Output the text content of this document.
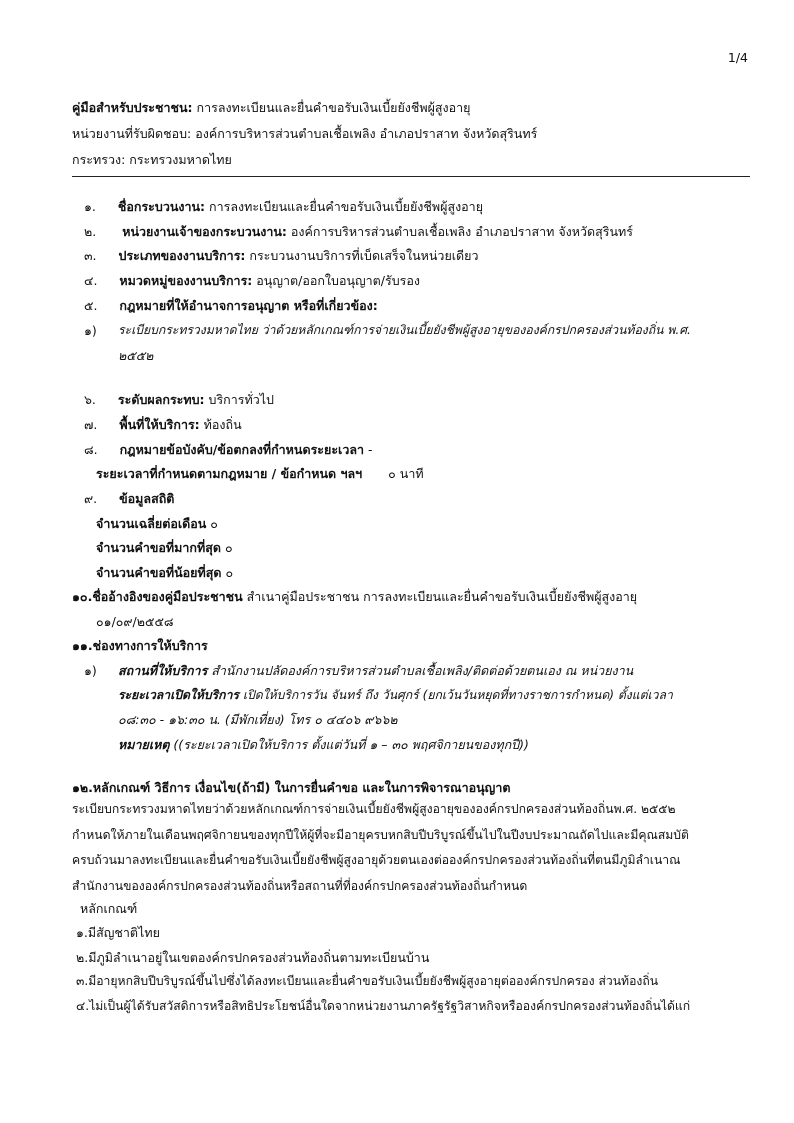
1/4
คู่มือสำหรับประชาชน: การลงทะเบียนและยื่นคำขอรับเงินเบี้ยยังชีพผู้สูงอายุ
หน่วยงานที่รับผิดชอบ: องค์การบริหารส่วนตำบลเชื้อเพลิง อำเภอปราสาท จังหวัดสุรินทร์
กระทรวง: กระทรวงมหาดไทย
๑. ชื่อกระบวนงาน: การลงทะเบียนและยื่นคำขอรับเงินเบี้ยยังชีพผู้สูงอายุ
๒. หน่วยงานเจ้าของกระบวนงาน: องค์การบริหารส่วนตำบลเชื้อเพลิง อำเภอปราสาท จังหวัดสุรินทร์
๓. ประเภทของงานบริการ: กระบวนงานบริการที่เบ็ดเสร็จในหน่วยเดียว
๔. หมวดหมู่ของงานบริการ: อนุญาต/ออกใบอนุญาต/รับรอง
๕. กฎหมายที่ให้อำนาจการอนุญาต หรือที่เกี่ยวข้อง:
๑) ระเบียบกระทรวงมหาดไทย ว่าด้วยหลักเกณฑ์การจ่ายเงินเบี้ยยังชีพผู้สูงอายุขององค์กรปกครองส่วนท้องถิ่น พ.ศ.
๒๕๕๒
๖. ระดับผลกระทบ: บริการทั่วไป
๗. พื้นที่ให้บริการ: ท้องถิ่น
๘. กฎหมายข้อบังคับ/ข้อตกลงที่กำหนดระยะเวลา -
ระยะเวลาที่กำหนดตามกฎหมาย / ข้อกำหนด ฯลฯ ๐ นาที
๙. ข้อมูลสถิติ
จำนวนเฉลี่ยต่อเดือน ๐
จำนวนคำขอที่มากที่สุด ๐
จำนวนคำขอที่น้อยที่สุด ๐
๑๐.ชื่ออ้างอิงของคู่มือประชาชน สำเนาคู่มือประชาชน การลงทะเบียนและยื่นคำขอรับเงินเบี้ยยังชีพผู้สูงอายุ
๐๑/๐๙/๒๕๕๘
๑๑.ช่องทางการให้บริการ
๑) สถานที่ให้บริการ สำนักงานปลัดองค์การบริหารส่วนตำบลเชื้อเพลิง/ติดต่อด้วยตนเอง ณ หน่วยงาน
ระยะเวลาเปิดให้บริการ เปิดให้บริการวัน จันทร์ ถึง วันศุกร์ (ยกเว้นวันหยุดที่ทางราชการกำหนด) ตั้งแต่เวลา
๐๘:๓๐ - ๑๖:๓๐ น. (มีพักเที่ยง) โทร ๐ ๔๔๐๖ ๙๖๖๒
หมายเหตุ ((ระยะเวลาเปิดให้บริการ ตั้งแต่วันที่ ๑ – ๓๐ พฤศจิกายนของทุกปี))
๑๒.หลักเกณฑ์ วิธีการ เงื่อนไข(ถ้ามี) ในการยื่นคำขอ และในการพิจารณาอนุญาต
ระเบียบกระทรวงมหาดไทยว่าด้วยหลักเกณฑ์การจ่ายเงินเบี้ยยังชีพผู้สูงอายุขององค์กรปกครองส่วนท้องถิ่นพ.ศ. ๒๕๕๒
กำหนดให้ภายในเดือนพฤศจิกายนของทุกปีให้ผู้ที่จะมีอายุครบหกสิบปีบริบูรณ์ขึ้นไปในปีงบประมาณถัดไปและมีคุณสมบัติ
ครบถ้วนมาลงทะเบียนและยื่นคำขอรับเงินเบี้ยยังชีพผู้สูงอายุด้วยตนเองต่อองค์กรปกครองส่วนท้องถิ่นที่ตนมีภูมิลำเนาณ
สำนักงานขององค์กรปกครองส่วนท้องถิ่นหรือสถานที่ที่องค์กรปกครองส่วนท้องถิ่นกำหนด
หลักเกณฑ์
๑.มีสัญชาติไทย
๒.มีภูมิลำเนาอยู่ในเขตองค์กรปกครองส่วนท้องถิ่นตามทะเบียนบ้าน
๓.มีอายุหกสิบปีบริบูรณ์ขึ้นไปซึ่งได้ลงทะเบียนและยื่นคำขอรับเงินเบี้ยยังชีพผู้สูงอายุต่อองค์กรปกครอง ส่วนท้องถิ่น
๔.ไม่เป็นผู้ได้รับสวัสดิการหรือสิทธิประโยชน์อื่นใดจากหน่วยงานภาครัฐรัฐวิสาหกิจหรือองค์กรปกครองส่วนท้องถิ่นได้แก่
